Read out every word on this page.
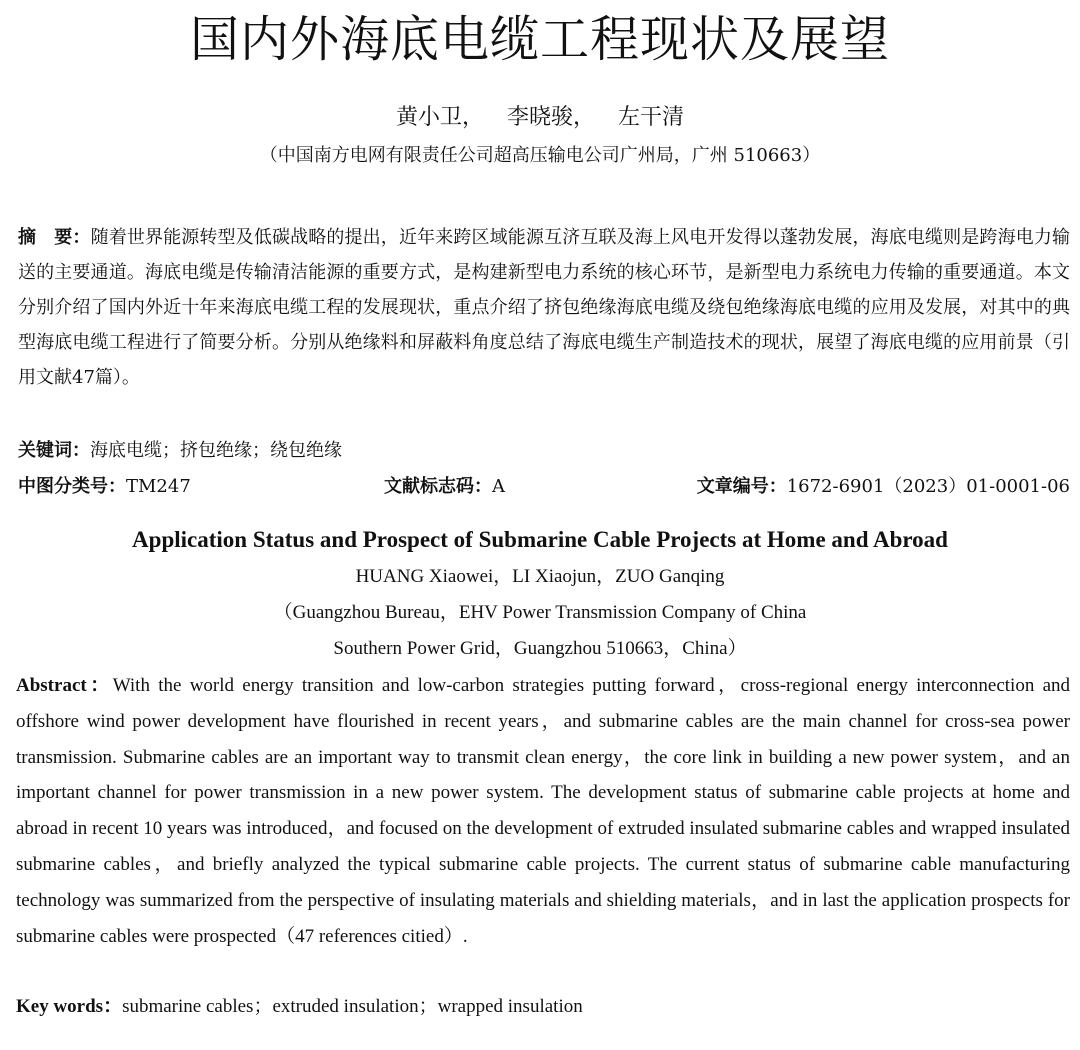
国内外海底电缆工程现状及展望
黄小卫， 李晓骏， 左干清
（中国南方电网有限责任公司超高压输电公司广州局，广州 510663）
摘　要：随着世界能源转型及低碳战略的提出，近年来跨区域能源互济互联及海上风电开发得以蓬勃发展，海底电缆则是跨海电力输送的主要通道。海底电缆是传输清洁能源的重要方式，是构建新型电力系统的核心环节，是新型电力系统电力传输的重要通道。本文分别介绍了国内外近十年来海底电缆工程的发展现状，重点介绍了挤包绝缘海底电缆及绕包绝缘海底电缆的应用及发展，对其中的典型海底电缆工程进行了简要分析。分别从绝缘料和屏蔽料角度总结了海底电缆生产制造技术的现状，展望了海底电缆的应用前景（引用文献47篇）。
关键词：海底电缆；挤包绝缘；绕包绝缘
中图分类号：TM247	文献标志码：A	文章编号：1672-6901（2023）01-0001-06
Application Status and Prospect of Submarine Cable Projects at Home and Abroad
HUANG Xiaowei，LI Xiaojun，ZUO Ganqing
（Guangzhou Bureau，EHV Power Transmission Company of China
Southern Power Grid，Guangzhou 510663，China）
Abstract：With the world energy transition and low-carbon strategies putting forward，cross-regional energy interconnection and offshore wind power development have flourished in recent years，and submarine cables are the main channel for cross-sea power transmission. Submarine cables are an important way to transmit clean energy，the core link in building a new power system，and an important channel for power transmission in a new power system. The development status of submarine cable projects at home and abroad in recent 10 years was introduced，and focused on the development of extruded insulated submarine cables and wrapped insulated submarine cables，and briefly analyzed the typical submarine cable projects. The current status of submarine cable manufacturing technology was summarized from the perspective of insulating materials and shielding materials，and in last the application prospects for submarine cables were prospected（47 references citied）.
Key words：submarine cables；extruded insulation；wrapped insulation
